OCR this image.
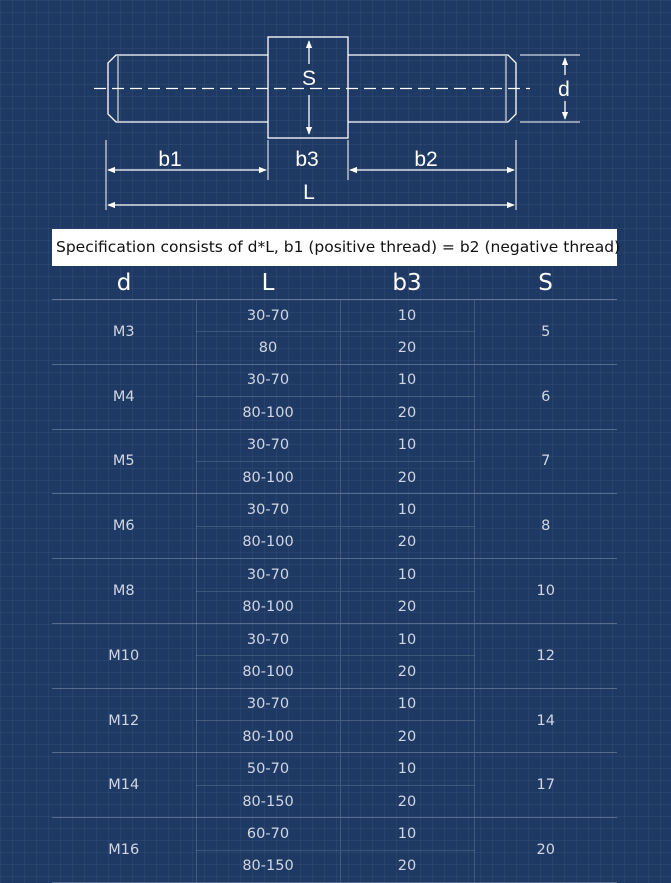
S	d
b1	b3	b2
L
Specification consists of d*L, b1 (positive thread) = b2 (negative thread)
d	L	b3	S
M3	30-70	10	5
	80	20	
M4	30-70	10	6
	80-100	20	
M5	30-70	10	7
	80-100	20	
M6	30-70	10	8
	80-100	20	
M8	30-70	10	10
	80-100	20	
M10	30-70	10	12
	80-100	20	
M12	30-70	10	14
	80-100	20	
M14	50-70	10	17
	80-150	20	
M16	60-70	10	20
	80-150	20	
